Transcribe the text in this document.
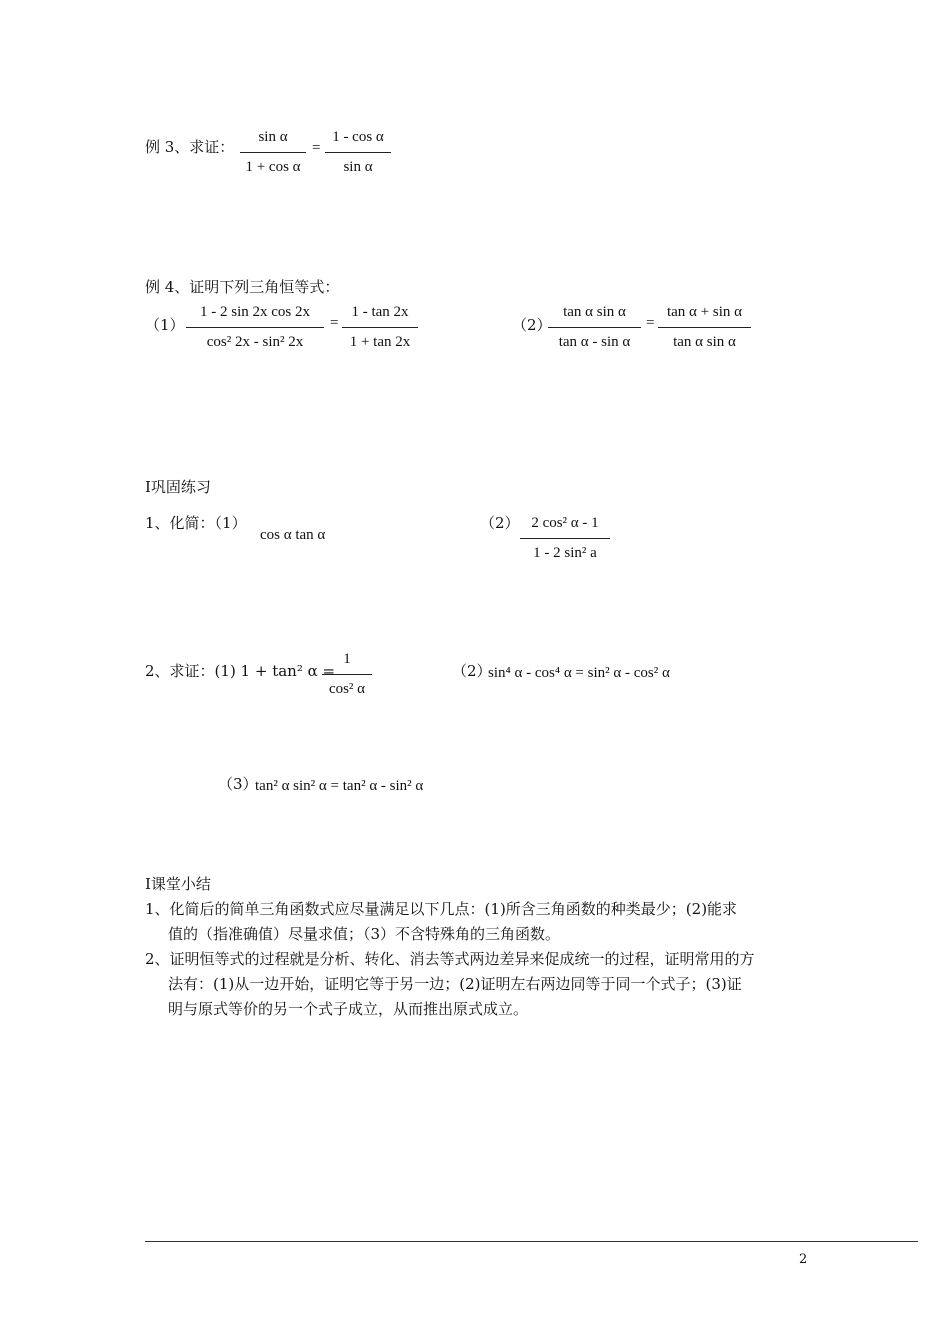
例 3、求证：
sin α
1 + cos α
=
1 - cos α
sin α
例 4、证明下列三角恒等式：
（1）
1 - 2 sin 2x cos 2x
cos² 2x - sin² 2x
=
1 - tan 2x
1 + tan 2x
（2）
tan α sin α
tan α - sin α
=
tan α + sin α
tan α sin α
I巩固练习
1、化简：（1）
cos α tan α
（2） 2 cos² α - 1
1 - 2 sin² a
2、求证：(1) 1 + tan² α =
1
cos² α
（2）
sin⁴ α - cos⁴ α = sin² α - cos² α
（3）
tan² α sin² α = tan² α - sin² α
I课堂小结
1、化简后的简单三角函数式应尽量满足以下几点：(1)所含三角函数的种类最少；(2)能求
值的（指准确值）尽量求值；（3）不含特殊角的三角函数。
2、证明恒等式的过程就是分析、转化、消去等式两边差异来促成统一的过程，证明常用的方
法有：(1)从一边开始，证明它等于另一边；(2)证明左右两边同等于同一个式子；(3)证
明与原式等价的另一个式子成立，从而推出原式成立。
2
